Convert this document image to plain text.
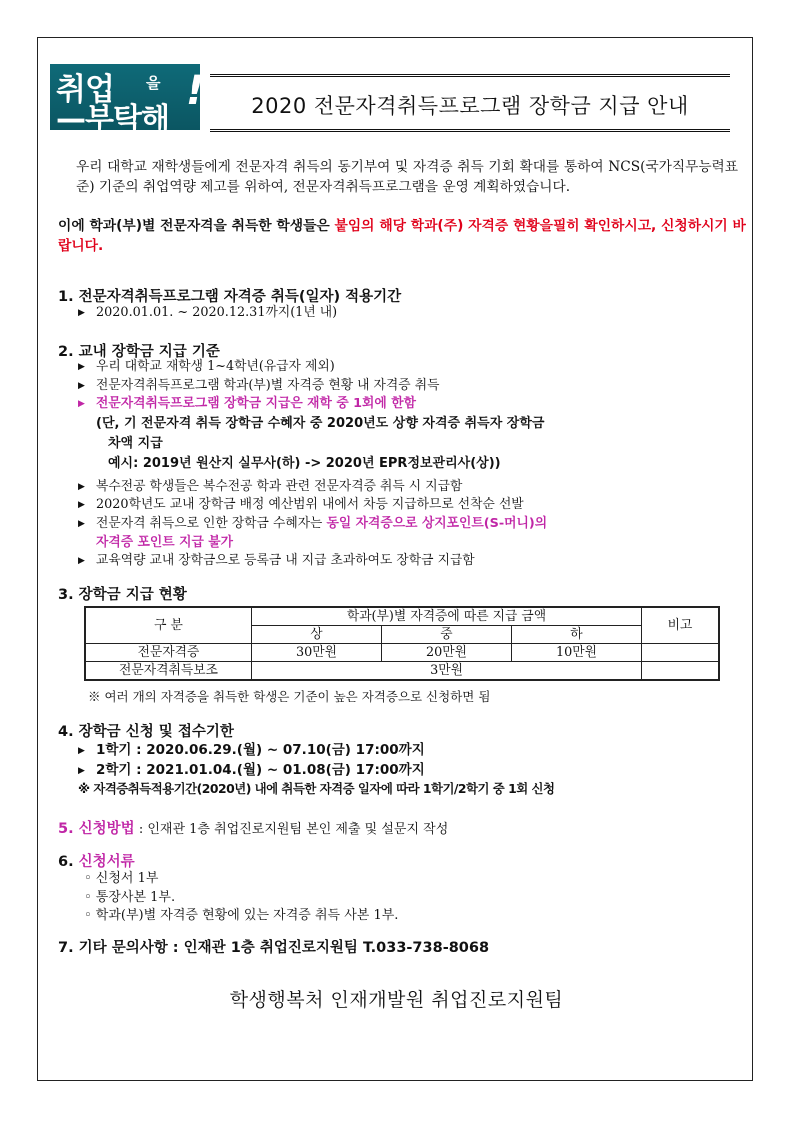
취업 을
—부탁해
!	2020 전문자격취득프로그램 장학금 지급 안내
우리 대학교 재학생들에게 전문자격 취득의 동기부여 및 자격증 취득 기회 확대를 통하여 NCS(국가직무능력표준) 기준의 취업역량 제고를 위하여, 전문자격취득프로그램을 운영 계획하였습니다.
이에 학과(부)별 전문자격을 취득한 학생들은 붙임의 해당 학과(주) 자격증 현황을필히 확인하시고, 신청하시기 바랍니다.
1. 전문자격취득프로그램 자격증 취득(일자) 적용기간
▶ 2020.01.01. ~ 2020.12.31까지(1년 내)
2. 교내 장학금 지급 기준
▶ 우리 대학교 재학생 1~4학년(유급자 제외)
▶ 전문자격취득프로그램 학과(부)별 자격증 현황 내 자격증 취득
▶ 전문자격취득프로그램 장학금 지급은 재학 중 1회에 한함
(단, 기 전문자격 취득 장학금 수혜자 중 2020년도 상향 자격증 취득자 장학금
차액 지급
예시: 2019년 원산지 실무사(하) -> 2020년 EPR정보관리사(상))
▶ 복수전공 학생들은 복수전공 학과 관련 전문자격증 취득 시 지급함
▶ 2020학년도 교내 장학금 배정 예산범위 내에서 차등 지급하므로 선착순 선발
▶ 전문자격 취득으로 인한 장학금 수혜자는 동일 자격증으로 상지포인트(S-머니)의
자격증 포인트 지급 불가
▶ 교육역량 교내 장학금으로 등록금 내 지급 초과하여도 장학금 지급함
3. 장학금 지급 현황
구 분	학과(부)별 자격증에 따른 지급 금액			비고
	상	중	하	
전문자격증	30만원	20만원	10만원	
전문자격취득보조	3만원			
※ 여러 개의 자격증을 취득한 학생은 기준이 높은 자격증으로 신청하면 됨
4. 장학금 신청 및 접수기한
▶ 1학기 : 2020.06.29.(월) ~ 07.10(금) 17:00까지
▶ 2학기 : 2021.01.04.(월) ~ 01.08(금) 17:00까지
※ 자격증취득적용기간(2020년) 내에 취득한 자격증 일자에 따라 1학기/2학기 중 1회 신청
5. 신청방법 : 인재관 1층 취업진로지원팀 본인 제출 및 설문지 작성
6. 신청서류
◦ 신청서 1부
◦ 통장사본 1부.
◦ 학과(부)별 자격증 현황에 있는 자격증 취득 사본 1부.
7. 기타 문의사항 : 인재관 1층 취업진로지원팀 T.033-738-8068
학생행복처 인재개발원 취업진로지원팀
